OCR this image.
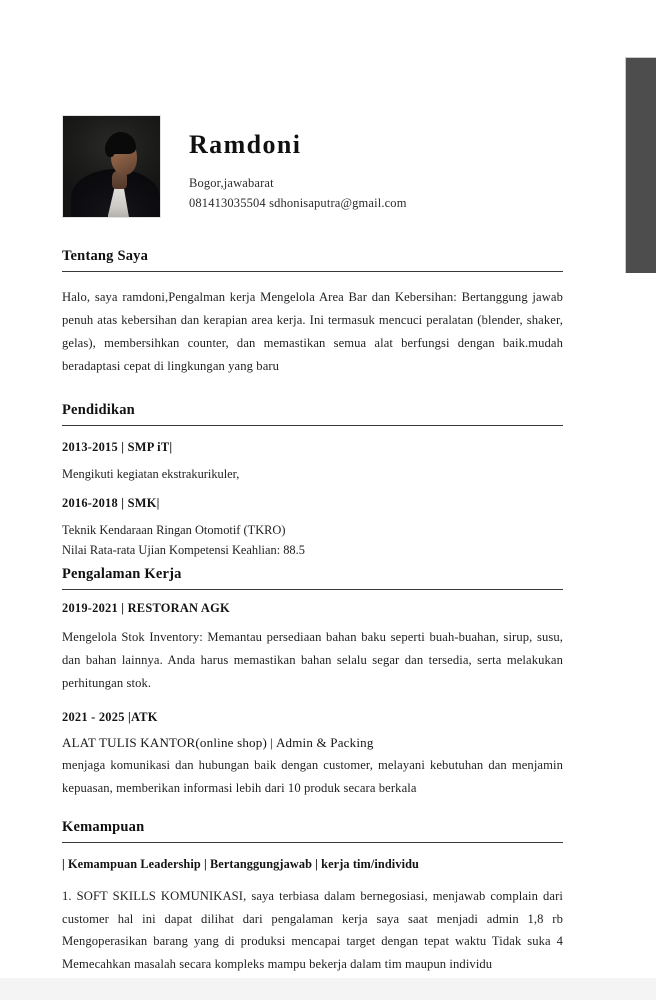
Ramdoni
Bogor,jawabarat
081413035504 sdhonisaputra@gmail.com
Tentang Saya

Halo, saya ramdoni,Pengalman kerja Mengelola Area Bar dan Kebersihan: Bertanggung jawab penuh atas kebersihan dan kerapian area kerja. Ini termasuk mencuci peralatan (blender, shaker, gelas), membersihkan counter, dan memastikan semua alat berfungsi dengan baik.mudah beradaptasi cepat di lingkungan yang baru

Pendidikan
2013-2015 | SMP iT|
Mengikuti kegiatan ekstrakurikuler,
2016-2018 | SMK|
Teknik Kendaraan Ringan Otomotif (TKRO)
Nilai Rata-rata Ujian Kompetensi Keahlian: 88.5
Pengalaman Kerja
2019-2021 | RESTORAN AGK

Mengelola Stok Inventory: Memantau persediaan bahan baku seperti buah-buahan, sirup, susu, dan bahan lainnya. Anda harus memastikan bahan selalu segar dan tersedia, serta melakukan perhitungan stok.

2021 - 2025 |ATK
ALAT TULIS KANTOR(online shop) | Admin & Packing

menjaga komunikasi dan hubungan baik dengan customer, melayani kebutuhan dan menjamin kepuasan, memberikan informasi lebih dari 10 produk secara berkala

Kemampuan
| Kemampuan Leadership | Bertanggungjawab | kerja tim/individu

1. SOFT SKILLS KOMUNIKASI, saya terbiasa dalam bernegosiasi, menjawab complain dari customer hal ini dapat dilihat dari pengalaman kerja saya saat menjadi admin 1,8 rb Mengoperasikan barang yang di produksi mencapai target dengan tepat waktu Tidak suka 4 Memecahkan masalah secara kompleks mampu bekerja dalam tim maupun individu
